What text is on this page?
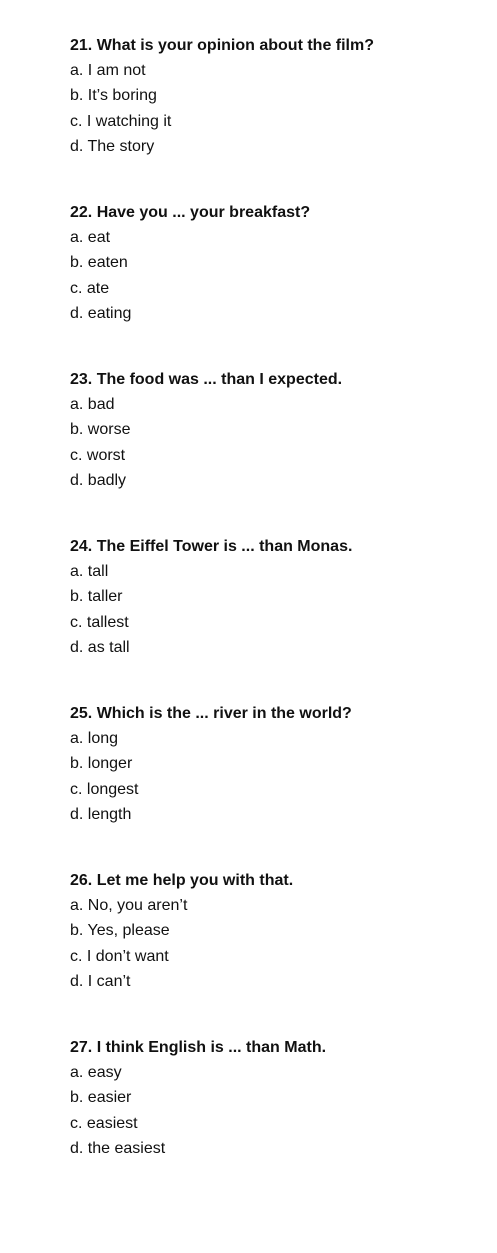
21. What is your opinion about the film?
a. I am not
b. It’s boring
c. I watching it
d. The story
22. Have you ... your breakfast?
a. eat
b. eaten
c. ate
d. eating
23. The food was ... than I expected.
a. bad
b. worse
c. worst
d. badly
24. The Eiffel Tower is ... than Monas.
a. tall
b. taller
c. tallest
d. as tall
25. Which is the ... river in the world?
a. long
b. longer
c. longest
d. length
26. Let me help you with that.
a. No, you aren’t
b. Yes, please
c. I don’t want
d. I can’t
27. I think English is ... than Math.
a. easy
b. easier
c. easiest
d. the easiest
